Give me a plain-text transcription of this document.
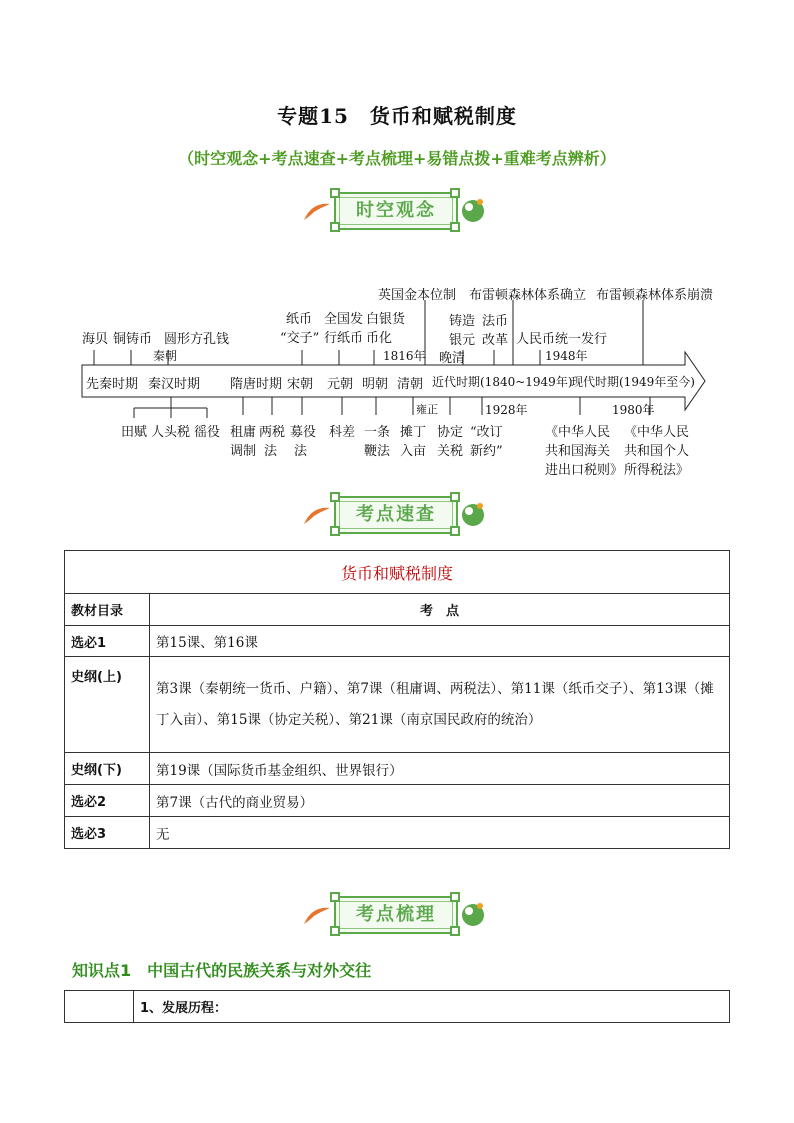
专题15　货币和赋税制度
（时空观念+考点速查+考点梳理+易错点拨+重难考点辨析）
时空观念
先秦时期 秦汉时期 隋唐时期 宋朝 元朝 明朝 清朝 近代时期(1840~1949年)
现代时期(1949年至今)
海贝 铜铸币 圆形方孔钱
秦朝
纸币
“交子”
全国发
行纸币
白银货
币化
1816年
英国金本位制
铸造
银元
晚清
法币
改革
布雷顿森林体系确立
人民币统一发行
1948年
布雷顿森林体系崩溃
田赋 人头税 徭役 租庸
调制
两税
法
募役
法
科差 一条
鞭法
摊丁
入亩
雍正
协定
关税
1928年
“改订
新约”
《中华人民
共和国海关
进出口税则》
1980年
《中华人民
共和国个人
所得税法》
考点速查
货币和赋税制度	
教材目录	考　点
选必1	第15课、第16课
史纲(上)	第3课（秦朝统一货币、户籍）、第7课（租庸调、两税法）、第11课（纸币交子）、第13课（摊丁入亩）、第15课（协定关税）、第21课（南京国民政府的统治）
史纲(下)	第19课（国际货币基金组织、世界银行）
选必2	第7课（古代的商业贸易）
选必3	无
考点梳理
知识点1　中国古代的民族关系与对外交往
	1、发展历程：
